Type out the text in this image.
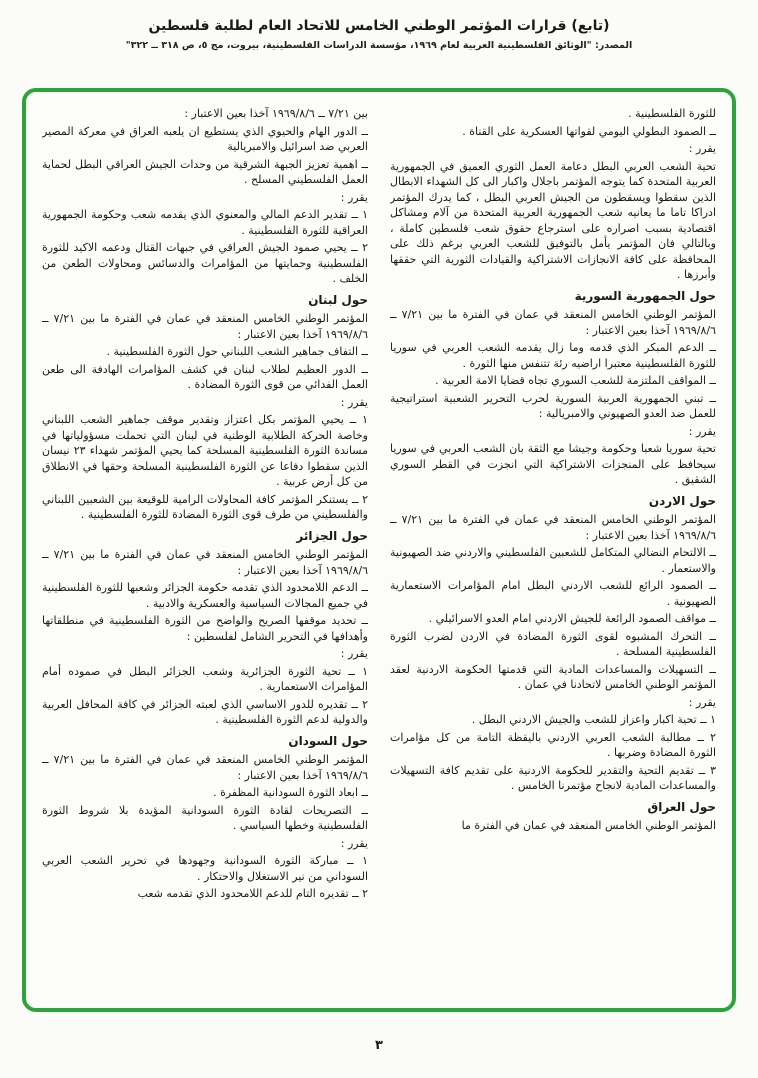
(تابع) قرارات المؤتمر الوطني الخامس للاتحاد العام لطلبة فلسطين

المصدر: "الوثائق الفلسطينية العربية لعام ١٩٦٩، مؤسسة الدراسات الفلسطينية، بيروت، مج ٥، ص ٣١٨ ــ ٣٢٢"

للثورة الفلسطينية .

ــ الصمود البطولي اليومي لقواتها العسكرية على القناة .

يقرر :

تحية الشعب العربي البطل دعامة العمل الثوري العميق في الجمهورية العربية المتحدة كما يتوجه المؤتمر باجلال واكبار الى كل الشهداء الابطال الذين سقطوا ويسقطون من الجيش العربي البطل ، كما يدرك المؤتمر ادراكا تاما ما يعانيه شعب الجمهورية العربية المتحدة من آلام ومشاكل اقتصادية بسبب اصراره على استرجاع حقوق شعب فلسطين كاملة ، وبالتالي فان المؤتمر يأمل بالتوفيق للشعب العربي برغم ذلك على المحافظة على كافة الانجازات الاشتراكية والقيادات الثورية التي حققها وأبرزها .

حول الجمهورية السورية

المؤتمر الوطني الخامس المنعقد في عمان في الفترة ما بين ٧/٢١ ــ ١٩٦٩/٨/٦ آخذا بعين الاعتبار :

ــ الدعم المبكر الذي قدمه وما زال يقدمه الشعب العربي في سوريا للثورة الفلسطينية معتبرا اراضيه رئة تتنفس منها الثورة .

ــ المواقف الملتزمة للشعب السوري تجاه قضايا الامة العربية .

ــ تبني الجمهورية العربية السورية لحرب التحرير الشعبية استراتيجية للعمل ضد العدو الصهيوني والامبريالية :

يقرر :

تحية سوريا شعبا وحكومة وجيشا مع الثقة بان الشعب العربي في سوريا سيحافظ على المنجزات الاشتراكية التي انجزت في القطر السوري الشقيق .

حول الاردن

المؤتمر الوطني الخامس المنعقد في عمان في الفترة ما بين ٧/٢١ ــ ١٩٦٩/٨/٦ آخذا بعين الاعتبار :

ــ الالتحام النضالي المتكامل للشعبين الفلسطيني والاردني ضد الصهيونية والاستعمار .

ــ الصمود الرائع للشعب الاردني البطل امام المؤامرات الاستعمارية الصهيونية .

ــ مواقف الصمود الرائعة للجيش الاردني امام العدو الاسرائيلي .

ــ التحرك المشبوه لقوى الثورة المضادة في الاردن لضرب الثورة الفلسطينية المسلحة .

ــ التسهيلات والمساعدات المادية التي قدمتها الحكومة الاردنية لعقد المؤتمر الوطني الخامس لاتحادنا في عمان .

يقرر :

١ ــ تحية اكبار واعزاز للشعب والجيش الاردني البطل .

٢ ــ مطالبة الشعب العربي الاردني باليقظة التامة من كل مؤامرات الثورة المضادة وضربها .

٣ ــ تقديم التحية والتقدير للحكومة الاردنية على تقديم كافة التسهيلات والمساعدات المادية لانجاح مؤتمرنا الخامس .

حول العراق

المؤتمر الوطني الخامس المنعقد في عمان في الفترة ما

بين ٧/٢١ ــ ١٩٦٩/٨/٦ آخذا بعين الاعتبار :

ــ الدور الهام والحيوي الذي يستطيع ان يلعبه العراق في معركة المصير العربي ضد اسرائيل والامبريالية

ــ اهمية تعزيز الجبهة الشرقية من وحدات الجيش العراقي البطل لحماية العمل الفلسطيني المسلح .

يقرر :

١ ــ تقدير الدعم المالي والمعنوي الذي يقدمه شعب وحكومة الجمهورية العراقية للثورة الفلسطينية .

٢ ــ يحيي صمود الجيش العراقي في جبهات القتال ودعمه الاكيد للثورة الفلسطينية وحمايتها من المؤامرات والدسائس ومحاولات الطعن من الخلف .

حول لبنان

المؤتمر الوطني الخامس المنعقد في عمان في الفترة ما بين ٧/٢١ ــ ١٩٦٩/٨/٦ آخذا بعين الاعتبار :

ــ التفاف جماهير الشعب اللبناني حول الثورة الفلسطينية .

ــ الدور العظيم لطلاب لبنان في كشف المؤامرات الهادفة الى طعن العمل الفدائي من قوى الثورة المضادة .

يقرر :

١ ــ يحيي المؤتمر بكل اعتزاز وتقدير موقف جماهير الشعب اللبناني وخاصة الحركة الطلابية الوطنية في لبنان التي تحملت مسؤولياتها في مساندة الثورة الفلسطينية المسلحة كما يحيي المؤتمر شهداء ٢٣ نيسان الذين سقطوا دفاعا عن الثورة الفلسطينية المسلحة وحقها في الانطلاق من كل أرض عربية .

٢ ــ يستنكر المؤتمر كافة المحاولات الرامية للوقيعة بين الشعبين اللبناني والفلسطيني من طرف قوى الثورة المضادة للثورة الفلسطينية .

حول الجزائر

المؤتمر الوطني الخامس المنعقد في عمان في الفترة ما بين ٧/٢١ ــ ١٩٦٩/٨/٦ آخذا بعين الاعتبار :

ــ الدعم اللامحدود الذي تقدمه حكومة الجزائر وشعبها للثورة الفلسطينية في جميع المجالات السياسية والعسكرية والادبية .

ــ تحديد موقفها الصريح والواضح من الثورة الفلسطينية في منطلقاتها وأهدافها في التحرير الشامل لفلسطين :

يقرر :

١ ــ تحية الثورة الجزائرية وشعب الجزائر البطل في صموده أمام المؤامرات الاستعمارية .

٢ ــ تقديره للدور الاساسي الذي لعبته الجزائر في كافة المحافل العربية والدولية لدعم الثورة الفلسطينية .

حول السودان

المؤتمر الوطني الخامس المنعقد في عمان في الفترة ما بين ٧/٢١ ــ ١٩٦٩/٨/٦ آخذا بعين الاعتبار :

ــ ابعاد الثورة السودانية المظفرة .

ــ التصريحات لقادة الثورة السودانية المؤيدة بلا شروط الثورة الفلسطينية وخطها السياسي .

يقرر :

١ ــ مباركة الثورة السودانية وجهودها في تحرير الشعب العربي السوداني من نير الاستغلال والاحتكار .

٢ ــ تقديره التام للدعم اللامحدود الذي تقدمه شعب

٣
